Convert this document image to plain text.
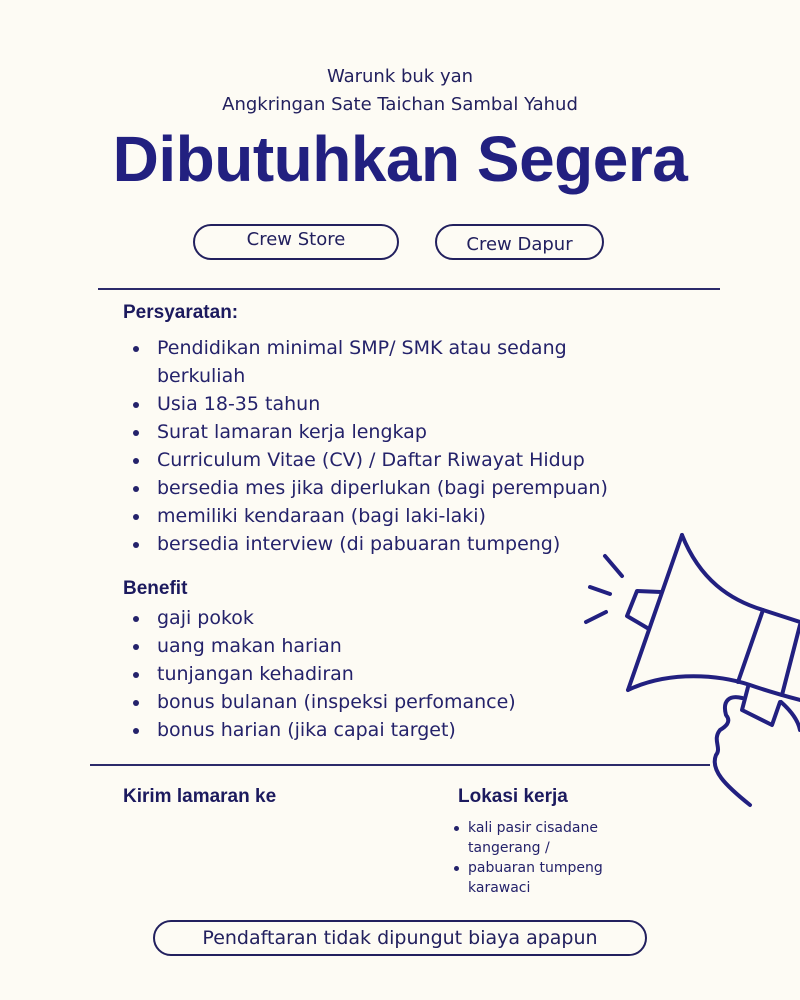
Warunk buk yan
Angkringan Sate Taichan Sambal Yahud
Dibutuhkan Segera
Crew Store	Crew Dapur
Persyaratan:
Pendidikan minimal SMP/ SMK atau sedang berkuliah
Usia 18-35 tahun
Surat lamaran kerja lengkap
Curriculum Vitae (CV) / Daftar Riwayat Hidup
bersedia mes jika diperlukan (bagi perempuan)
memiliki kendaraan (bagi laki-laki)
bersedia interview (di pabuaran tumpeng)
Benefit
gaji pokok
uang makan harian
tunjangan kehadiran
bonus bulanan (inspeksi perfomance)
bonus harian (jika capai target)
Kirim lamaran ke	Lokasi kerja
kali pasir cisadane tangerang /
pabuaran tumpeng karawaci
Pendaftaran tidak dipungut biaya apapun
